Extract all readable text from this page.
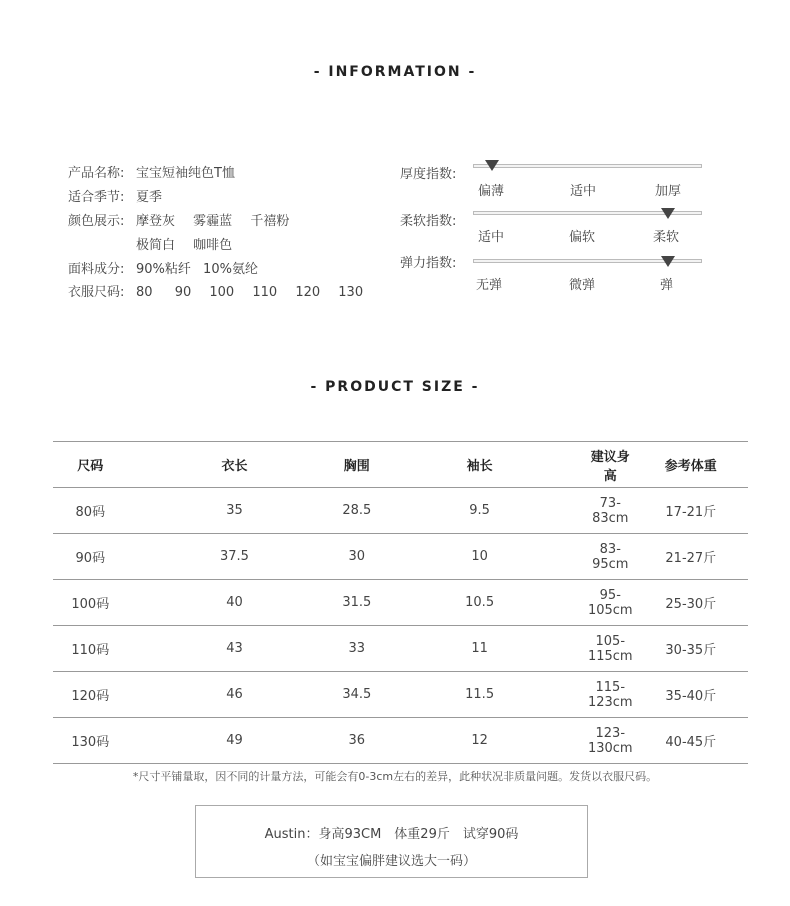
- INFORMATION -
产品名称: 宝宝短袖纯色T恤
适合季节: 夏季
颜色展示: 摩登灰 雾霾蓝 千禧粉
极简白 咖啡色
面料成分: 90%粘纤 10%氨纶
衣服尺码: 80 90 100 110 120 130
厚度指数:
偏薄	适中	加厚
柔软指数:
适中	偏软	柔软
弹力指数:
无弹	微弹	弹
- PRODUCT SIZE -
尺码	衣长	胸围	袖长	建议身高	参考体重
80码	35	28.5	9.5	73-83cm	17-21斤
90码	37.5	30	10	83-95cm	21-27斤
100码	40	31.5	10.5	95-105cm	25-30斤
110码	43	33	11	105-115cm	30-35斤
120码	46	34.5	11.5	115-123cm	35-40斤
130码	49	36	12	123-130cm	40-45斤
*尺寸平铺量取，因不同的计量方法，可能会有0-3cm左右的差异，此种状况非质量问题。发货以衣服尺码。
Austin：身高93CM　体重29斤　试穿90码
（如宝宝偏胖建议选大一码）
